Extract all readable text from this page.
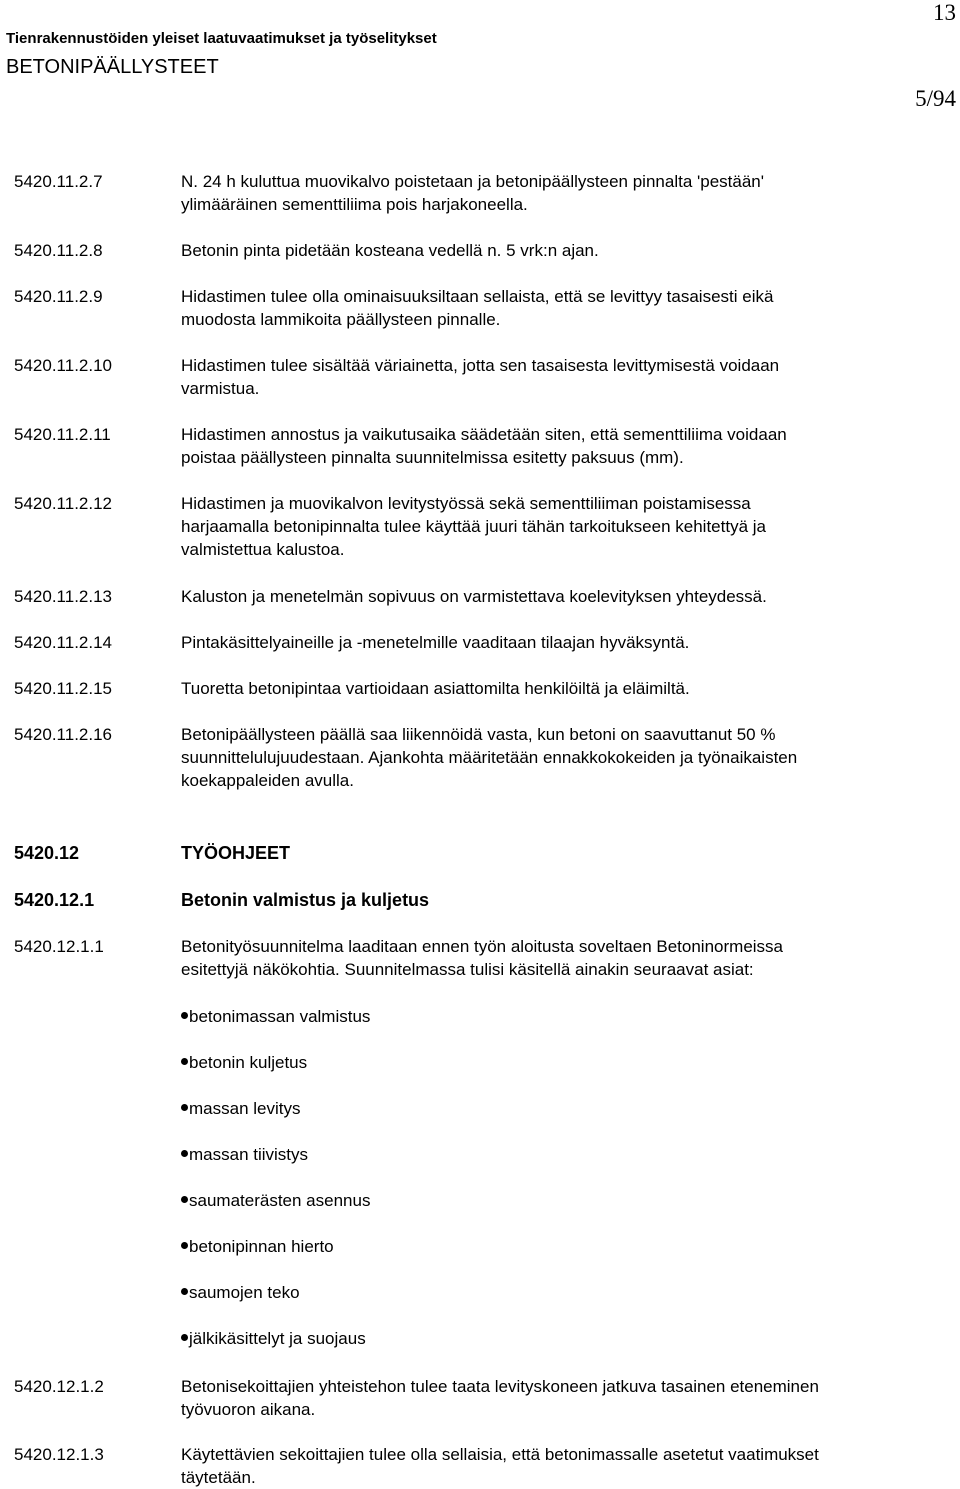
Tienrakennustöiden yleiset laatuvaatimukset ja työselitykset
BETONIPÄÄLLYSTEET
13
5/94
5420.11.2.7	N. 24 h kuluttua muovikalvo poistetaan ja betonipäällysteen pinnalta 'pestään'
ylimääräinen sementtiliima pois harjakoneella.
5420.11.2.8	Betonin pinta pidetään kosteana vedellä n. 5 vrk:n ajan.
5420.11.2.9	Hidastimen tulee olla ominaisuuksiltaan sellaista, että se levittyy tasaisesti eikä
muodosta lammikoita päällysteen pinnalle.
5420.11.2.10	Hidastimen tulee sisältää väriainetta, jotta sen tasaisesta levittymisestä voidaan
varmistua.
5420.11.2.11	Hidastimen annostus ja vaikutusaika säädetään siten, että sementtiliima voidaan
poistaa päällysteen pinnalta suunnitelmissa esitetty paksuus (mm).
5420.11.2.12	Hidastimen ja muovikalvon levitystyössä sekä sementtiliiman poistamisessa
harjaamalla betonipinnalta tulee käyttää juuri tähän tarkoitukseen kehitettyä ja
valmistettua kalustoa.
5420.11.2.13	Kaluston ja menetelmän sopivuus on varmistettava koelevityksen yhteydessä.
5420.11.2.14	Pintakäsittelyaineille ja -menetelmille vaaditaan tilaajan hyväksyntä.
5420.11.2.15	Tuoretta betonipintaa vartioidaan asiattomilta henkilöiltä ja eläimiltä.
5420.11.2.16	Betonipäällysteen päällä saa liikennöidä vasta, kun betoni on saavuttanut 50 %
suunnittelulujuudestaan. Ajankohta määritetään ennakkokokeiden ja työnaikaisten
koekappaleiden avulla.
5420.12	TYÖOHJEET
5420.12.1	Betonin valmistus ja kuljetus
5420.12.1.1	Betonityösuunnitelma laaditaan ennen työn aloitusta soveltaen Betoninormeissa
esitettyjä näkökohtia. Suunnitelmassa tulisi käsitellä ainakin seuraavat asiat:
betonimassan valmistus
betonin kuljetus
massan levitys
massan tiivistys
saumaterästen asennus
betonipinnan hierto
saumojen teko
jälkikäsittelyt ja suojaus
5420.12.1.2	Betonisekoittajien yhteistehon tulee taata levityskoneen jatkuva tasainen eteneminen
työvuoron aikana.
5420.12.1.3	Käytettävien sekoittajien tulee olla sellaisia, että betonimassalle asetetut vaatimukset
täytetään.
